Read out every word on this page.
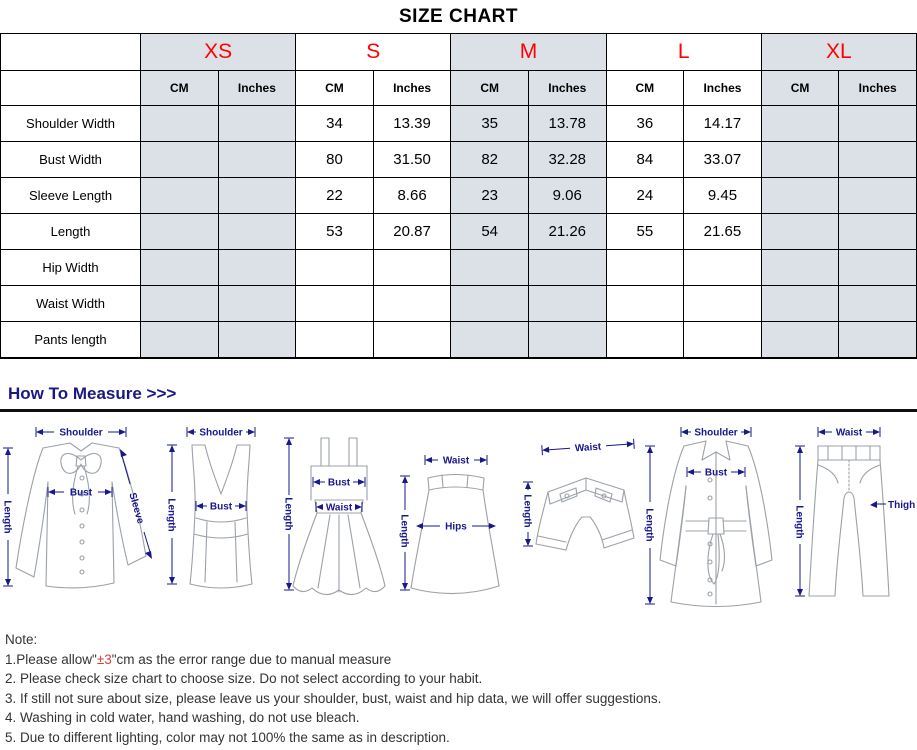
SIZE CHART
	XS		S		M		L		XL	
	CM	Inches	CM	Inches	CM	Inches	CM	Inches	CM	Inches
Shoulder Width			34	13.39	35	13.78	36	14.17		
Bust Width			80	31.50	82	32.28	84	33.07		
Sleeve Length			22	8.66	23	9.06	24	9.45		
Length			53	20.87	54	21.26	55	21.65		
Hip Width										
Waist Width										
Pants length										
How To Measure >>>
Shoulder
Bust
Length	Sleeve
Shoulder
Bust
Length
Bust
Waist
Length
Waist
Hips
Length
Waist
Length
Shoulder
Bust
Length
Waist
Thigh
Length
Note:
1.Please allow"±3"cm as the error range due to manual measure
2. Please check size chart to choose size. Do not select according to your habit.
3. If still not sure about size, please leave us your shoulder, bust, waist and hip data, we will offer suggestions.
4. Washing in cold water, hand washing, do not use bleach.
5. Due to different lighting, color may not 100% the same as in description.
